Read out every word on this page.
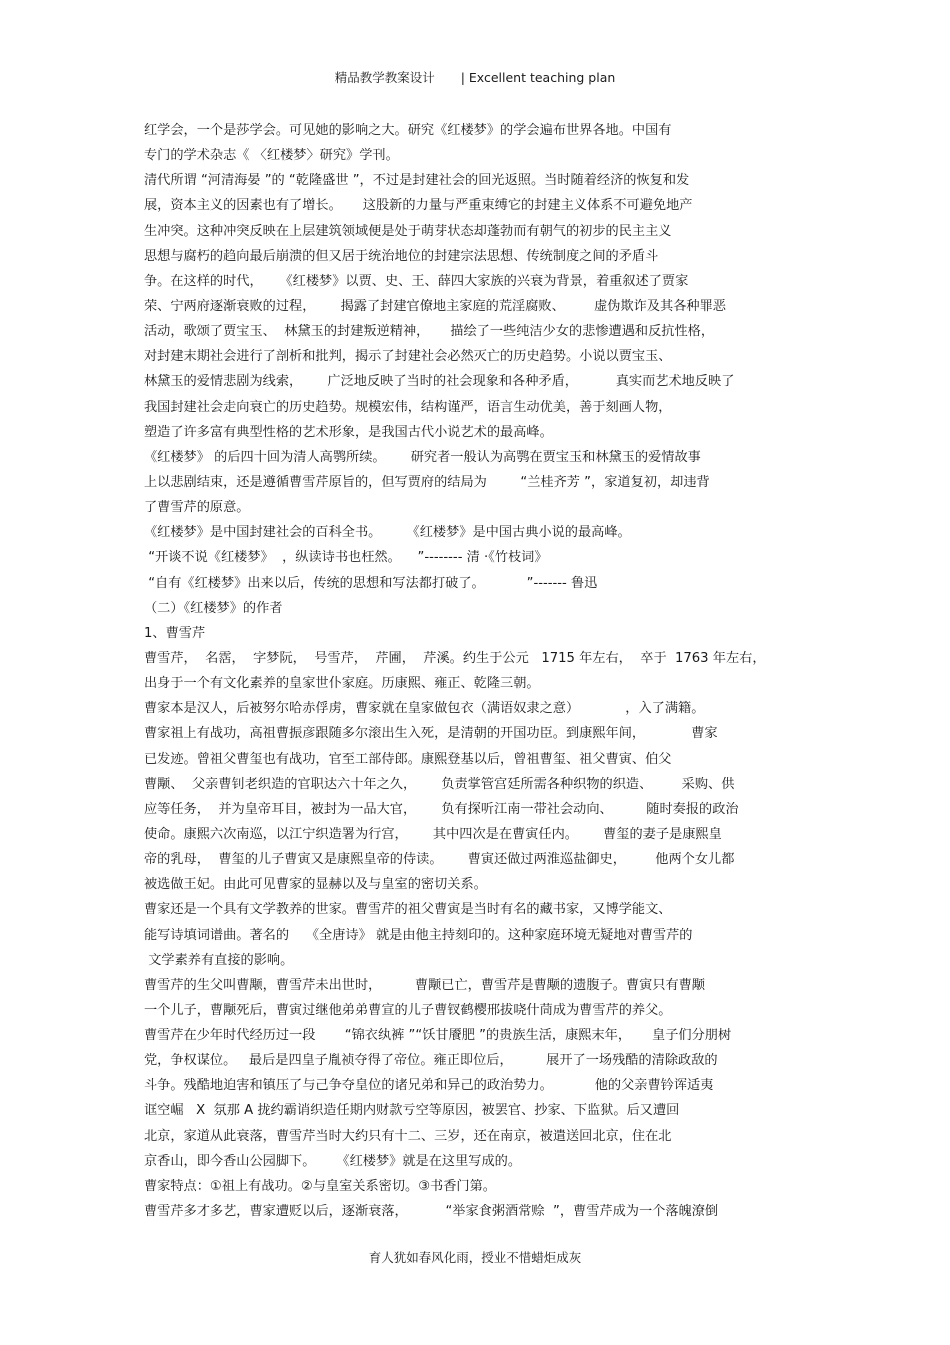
精品教学教案设计 | Excellent teaching plan
红学会，一个是莎学会。可见她的影响之大。研究《红楼梦》的学会遍布世界各地。中国有
专门的学术杂志《 〈红楼梦〉研究》学刊。
清代所谓 “河清海晏 ”的 “乾隆盛世 ”，不过是封建社会的回光返照。当时随着经济的恢复和发
展，资本主义的因素也有了增长。     这股新的力量与严重束缚它的封建主义体系不可避免地产
生冲突。这种冲突反映在上层建筑领域便是处于萌芽状态却蓬勃而有朝气的初步的民主主义
思想与腐朽的趋向最后崩溃的但又居于统治地位的封建宗法思想、传统制度之间的矛盾斗
争。在这样的时代，    《红楼梦》以贾、史、王、薛四大家族的兴衰为背景，着重叙述了贾家
荣、宁两府逐渐衰败的过程，      揭露了封建官僚地主家庭的荒淫腐败、       虚伪欺诈及其各种罪恶
活动，歌颂了贾宝玉、  林黛玉的封建叛逆精神，     描绘了一些纯洁少女的悲惨遭遇和反抗性格，
对封建末期社会进行了剖析和批判，揭示了封建社会必然灭亡的历史趋势。小说以贾宝玉、
林黛玉的爱情悲剧为线索，      广泛地反映了当时的社会现象和各种矛盾，         真实而艺术地反映了
我国封建社会走向衰亡的历史趋势。规模宏伟，结构谨严，语言生动优美，善于刻画人物，
塑造了许多富有典型性格的艺术形象，是我国古代小说艺术的最高峰。
《红楼梦》 的后四十回为清人高鹗所续。      研究者一般认为高鹗在贾宝玉和林黛玉的爱情故事
上以悲剧结束，还是遵循曹雪芹原旨的，但写贾府的结局为        “兰桂齐芳 ”，家道复初，却违背
了曹雪芹的原意。
《红楼梦》是中国封建社会的百科全书。      《红楼梦》是中国古典小说的最高峰。
“开谈不说《红楼梦》  ，纵读诗书也枉然。    ”-------- 清 ·《竹枝词》
“自有《红楼梦》出来以后，传统的思想和写法都打破了。          ”------- 鲁迅
（二）《红楼梦》的作者
1、曹雪芹
曹雪芹，  名霑，  字梦阮，  号雪芹，  芹圃，  芹溪。约生于公元   1715 年左右，  卒于  1763 年左右，
出身于一个有文化素养的皇家世仆家庭。历康熙、雍正、乾隆三朝。
曹家本是汉人，后被努尔哈赤俘虏，曹家就在皇家做包衣（满语奴隶之意）           ，入了满籍。
曹家祖上有战功，高祖曹振彦跟随多尔滚出生入死，是清朝的开国功臣。到康熙年间，           曹家
已发迹。曾祖父曹玺也有战功，官至工部侍郎。康熙登基以后，曾祖曹玺、祖父曹寅、伯父
曹颙、  父亲曹钊老织造的官职达六十年之久，      负责掌管宫廷所需各种织物的织造、       采购、供
应等任务，  并为皇帝耳目，被封为一品大官，      负有探听江南一带社会动向、        随时奏报的政治
使命。康熙六次南巡，以江宁织造署为行宫，      其中四次是在曹寅任内。      曹玺的妻子是康熙皇
帝的乳母，  曹玺的儿子曹寅又是康熙皇帝的侍读。      曹寅还做过两淮巡盐御史，       他两个女儿都
被选做王妃。由此可见曹家的显赫以及与皇室的密切关系。
曹家还是一个具有文学教养的世家。曹雪芹的祖父曹寅是当时有名的藏书家，又博学能文、
能写诗填词谱曲。著名的    《全唐诗》 就是由他主持刻印的。这种家庭环境无疑地对曹雪芹的
文学素养有直接的影响。
曹雪芹的生父叫曹颙，曹雪芹未出世时，        曹颙已亡，曹雪芹是曹颙的遗腹子。曹寅只有曹颙
一个儿子，曹颙死后，曹寅过继他弟弟曹宣的儿子曹钗鹤樱邢拔哓什茼成为曹雪芹的养父。
曹雪芹在少年时代经历过一段       “锦衣纨裤 ”“饫甘餍肥 ”的贵族生活，康熙末年，     皇子们分朋树
党，争权谋位。   最后是四皇子胤祯夺得了帝位。雍正即位后，        展开了一场残酷的清除政敌的
斗争。残酷地迫害和镇压了与己争夺皇位的诸兄弟和异己的政治势力。          他的父亲曹钤诨适夷
诓空崛   X  氛那 A 拢约霸诮织造任期内财款亏空等原因，被罢官、抄家、下监狱。后又遭回
北京，家道从此衰落，曹雪芹当时大约只有十二、三岁，还在南京，被遣送回北京，住在北
京香山，即今香山公园脚下。     《红楼梦》就是在这里写成的。
曹家特点：①祖上有战功。②与皇室关系密切。③书香门第。
曹雪芹多才多艺，曹家遭贬以后，逐渐衰落，         “举家食粥酒常赊  ”，曹雪芹成为一个落魄潦倒
育人犹如春风化雨，授业不惜蜡炬成灰
